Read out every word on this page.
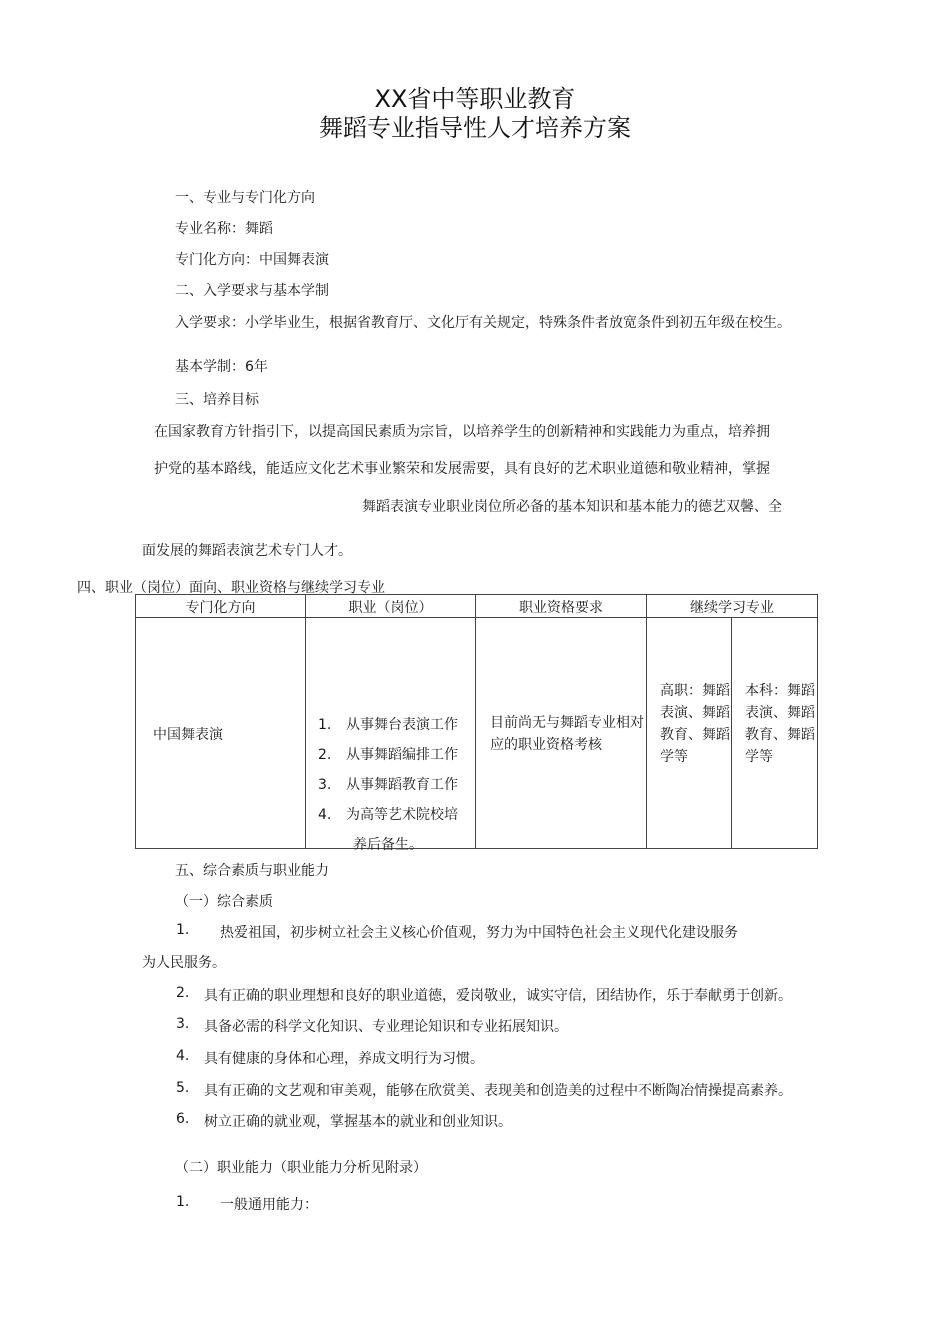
XX省中等职业教育
舞蹈专业指导性人才培养方案
一、专业与专门化方向
专业名称：舞蹈
专门化方向：中国舞表演
二、入学要求与基本学制
入学要求：小学毕业生，根据省教育厅、文化厅有关规定，特殊条件者放宽条件到初五年级在校生。
基本学制：6年
三、培养目标
在国家教育方针指引下，以提高国民素质为宗旨，以培养学生的创新精神和实践能力为重点，培养拥
护党的基本路线，能适应文化艺术事业繁荣和发展需要，具有良好的艺术职业道德和敬业精神，掌握
舞蹈表演专业职业岗位所必备的基本知识和基本能力的德艺双馨、全
面发展的舞蹈表演艺术专门人才。
四、职业（岗位）面向、职业资格与继续学习专业
专门化方向	职业（岗位）	职业资格要求	继续学习专业	

中国舞表演	1. 从事舞台表演工作
2. 从事舞蹈编排工作
3. 从事舞蹈教育工作
4. 为高等艺术院校培
养后备生。	目前尚无与舞蹈专业相对应的职业资格考核	高职：舞蹈表演、舞蹈教育、舞蹈学等	本科：舞蹈表演、舞蹈教育、舞蹈学等
五、综合素质与职业能力
（一）综合素质
1. 热爱祖国，初步树立社会主义核心价值观，努力为中国特色社会主义现代化建设服务
为人民服务。
2. 具有正确的职业理想和良好的职业道德，爱岗敬业，诚实守信，团结协作，乐于奉献勇于创新。
3. 具备必需的科学文化知识、专业理论知识和专业拓展知识。
4. 具有健康的身体和心理，养成文明行为习惯。
5. 具有正确的文艺观和审美观，能够在欣赏美、表现美和创造美的过程中不断陶冶情操提高素养。
6. 树立正确的就业观，掌握基本的就业和创业知识。
（二）职业能力（职业能力分析见附录）
1. 一般通用能力：
